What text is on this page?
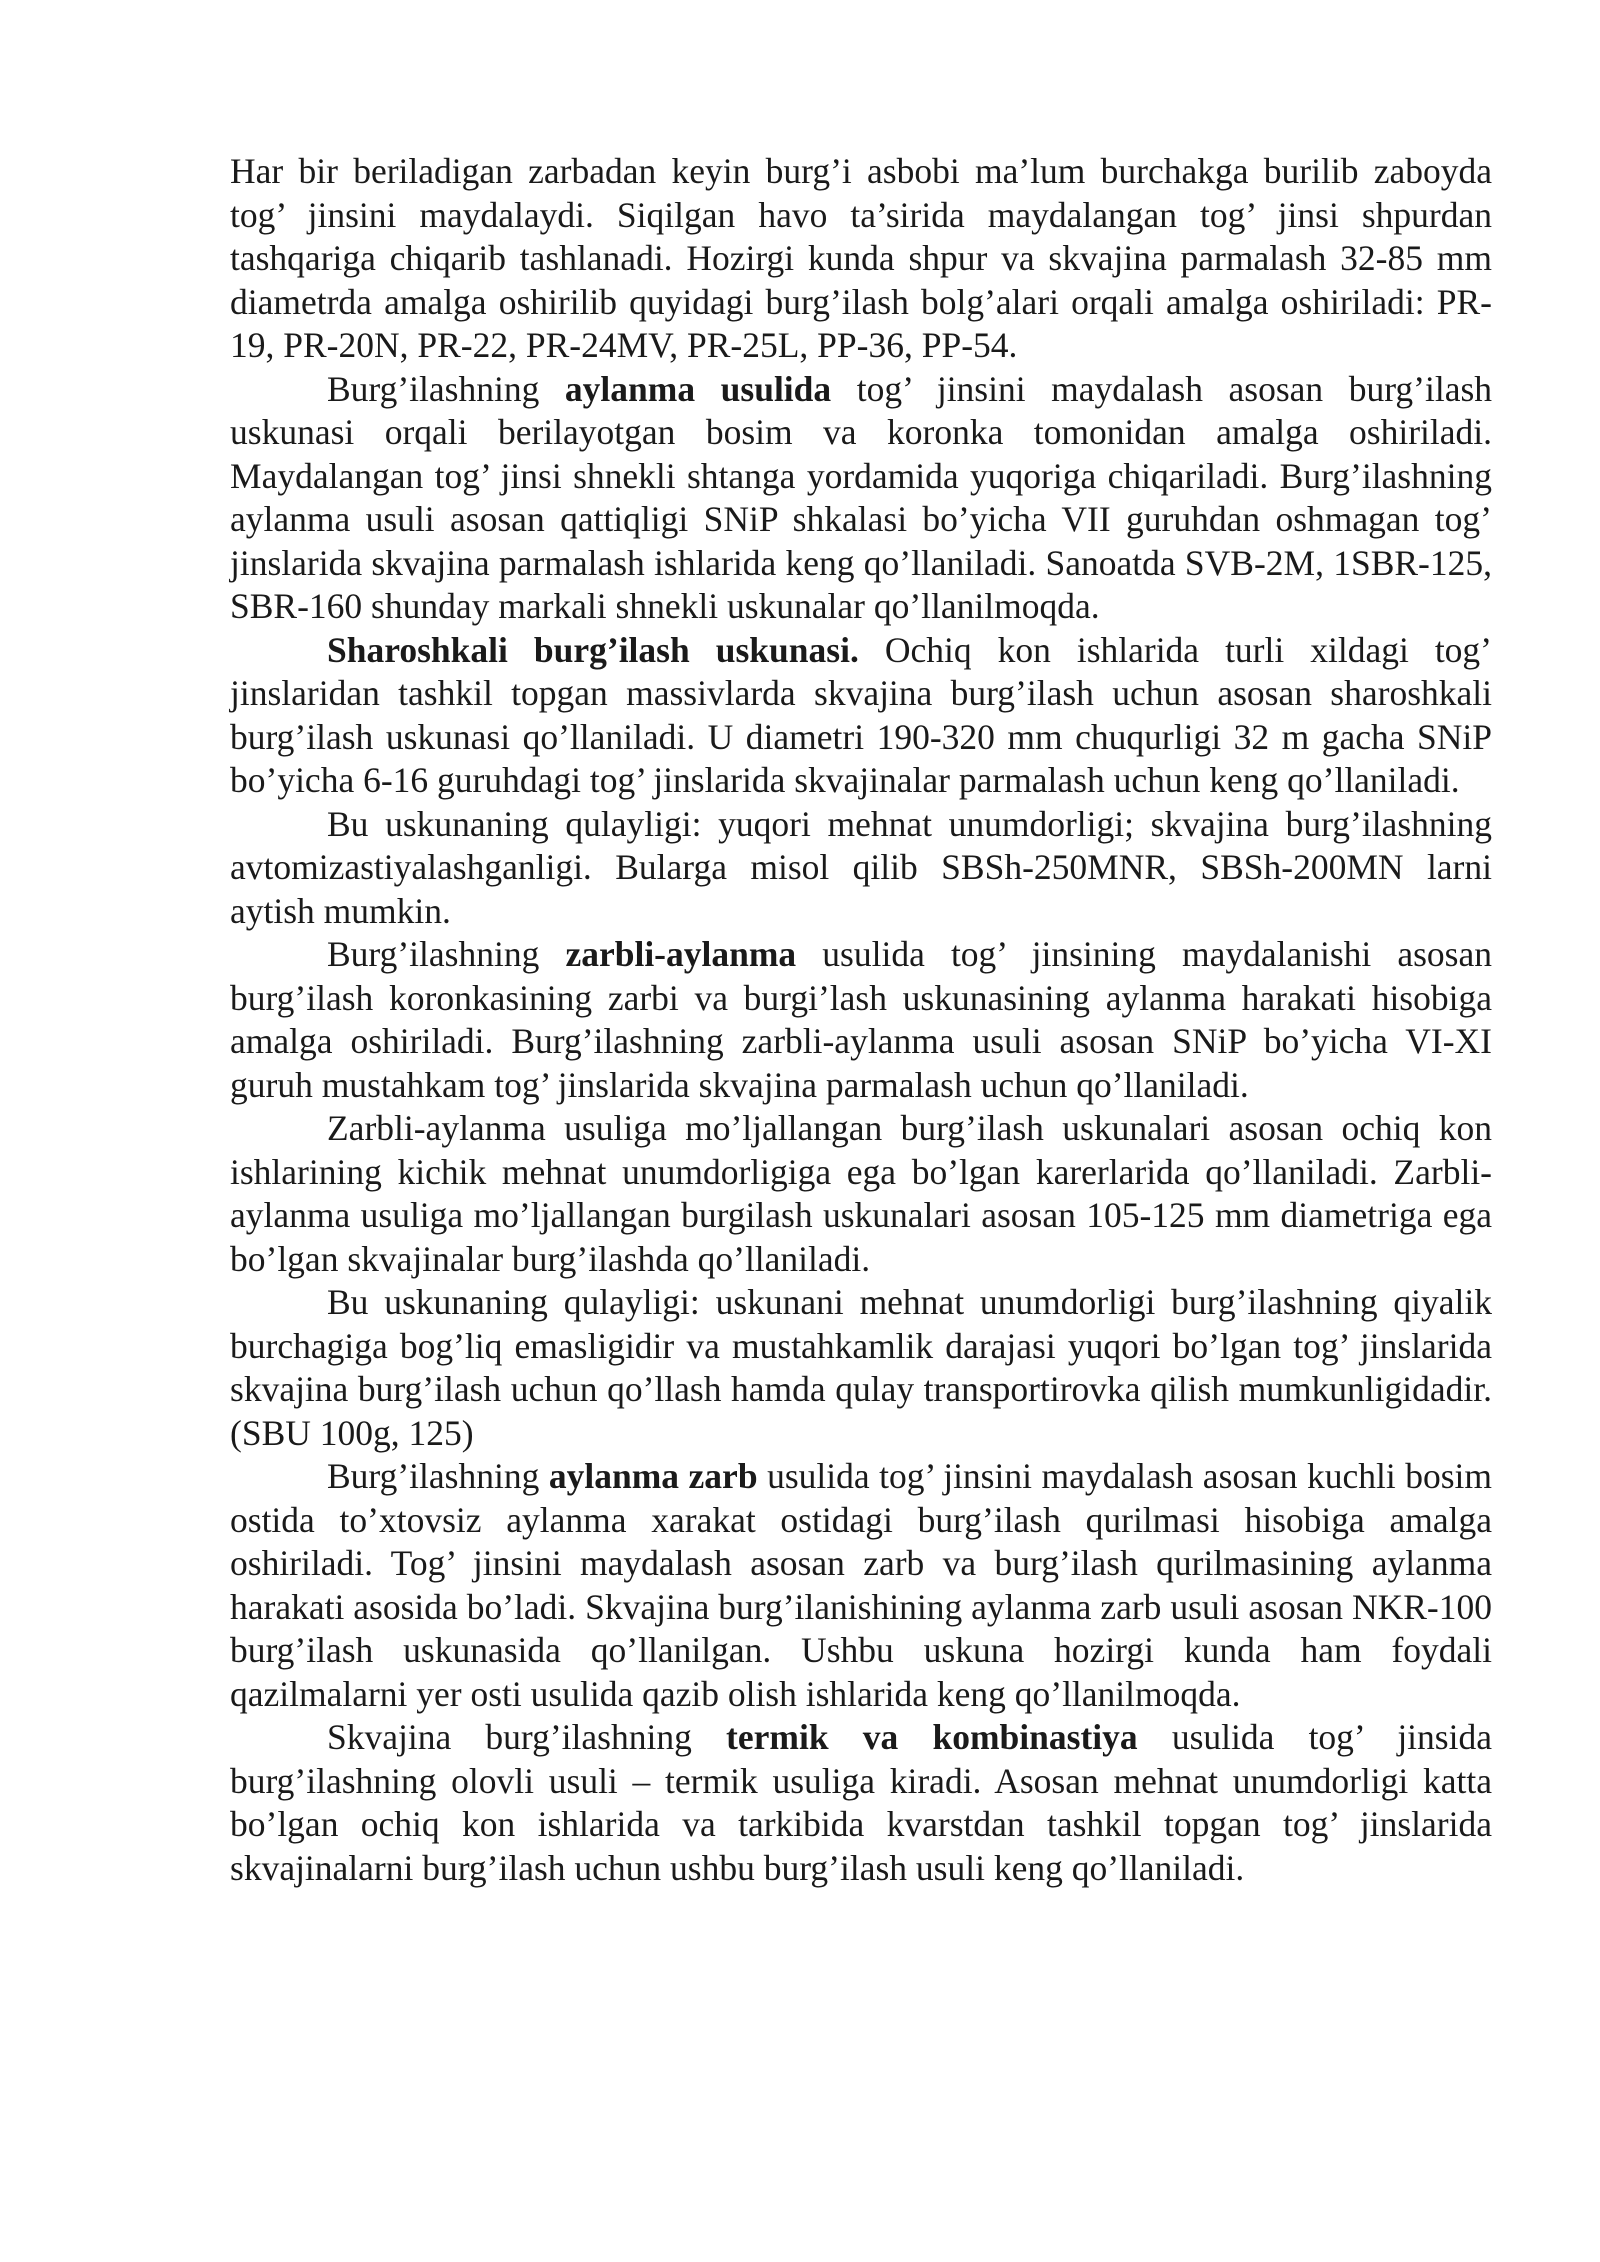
Har bir beriladigan zarbadan keyin burg’i asbobi ma’lum burchakga burilib zaboyda tog’ jinsini maydalaydi. Siqilgan havo ta’sirida maydalangan tog’ jinsi shpurdan tashqariga chiqarib tashlanadi. Hozirgi kunda shpur va skvajina parmalash 32-85 mm diametrda amalga oshirilib quyidagi burg’ilash bolg’alari orqali amalga oshiriladi: PR-19, PR-20N, PR-22, PR-24MV, PR-25L, PP-36, PP-54.

Burg’ilashning aylanma usulida tog’ jinsini maydalash asosan burg’ilash uskunasi orqali berilayotgan bosim va koronka tomonidan amalga oshiriladi. Maydalangan tog’ jinsi shnekli shtanga yordamida yuqoriga chiqariladi. Burg’ilashning aylanma usuli asosan qattiqligi SNiP shkalasi bo’yicha VII guruhdan oshmagan tog’ jinslarida skvajina parmalash ishlarida keng qo’llaniladi. Sanoatda SVB-2M, 1SBR-125, SBR-160 shunday markali shnekli uskunalar qo’llanilmoqda.

Sharoshkali burg’ilash uskunasi. Ochiq kon ishlarida turli xildagi tog’ jinslaridan tashkil topgan massivlarda skvajina burg’ilash uchun asosan sharoshkali burg’ilash uskunasi qo’llaniladi. U diametri 190-320 mm chuqurligi 32 m gacha SNiP bo’yicha 6-16 guruhdagi tog’ jinslarida skvajinalar parmalash uchun keng qo’llaniladi.

Bu uskunaning qulayligi: yuqori mehnat unumdorligi; skvajina burg’ilashning avtomizastiyalashganligi. Bularga misol qilib SBSh-250MNR, SBSh-200MN larni aytish mumkin.

Burg’ilashning zarbli-aylanma usulida tog’ jinsining maydalanishi asosan burg’ilash koronkasining zarbi va burgi’lash uskunasining aylanma harakati hisobiga amalga oshiriladi. Burg’ilashning zarbli-aylanma usuli asosan SNiP bo’yicha VI-XI guruh mustahkam tog’ jinslarida skvajina parmalash uchun qo’llaniladi.

Zarbli-aylanma usuliga mo’ljallangan burg’ilash uskunalari asosan ochiq kon ishlarining kichik mehnat unumdorligiga ega bo’lgan karerlarida qo’llaniladi. Zarbli-aylanma usuliga mo’ljallangan burgilash uskunalari asosan 105-125 mm diametriga ega bo’lgan skvajinalar burg’ilashda qo’llaniladi.

Bu uskunaning qulayligi: uskunani mehnat unumdorligi burg’ilashning qiyalik burchagiga bog’liq emasligidir va mustahkamlik darajasi yuqori bo’lgan tog’ jinslarida skvajina burg’ilash uchun qo’llash hamda qulay transportirovka qilish mumkunligidadir.(SBU 100g, 125)

Burg’ilashning aylanma zarb usulida tog’ jinsini maydalash asosan kuchli bosim ostida to’xtovsiz aylanma xarakat ostidagi burg’ilash qurilmasi hisobiga amalga oshiriladi. Tog’ jinsini maydalash asosan zarb va burg’ilash qurilmasining aylanma harakati asosida bo’ladi. Skvajina burg’ilanishining aylanma zarb usuli asosan NKR-100 burg’ilash uskunasida qo’llanilgan. Ushbu uskuna hozirgi kunda ham foydali qazilmalarni yer osti usulida qazib olish ishlarida keng qo’llanilmoqda.

Skvajina burg’ilashning termik va kombinastiya usulida tog’ jinsida burg’ilashning olovli usuli – termik usuliga kiradi. Asosan mehnat unumdorligi katta bo’lgan ochiq kon ishlarida va tarkibida kvarstdan tashkil topgan tog’ jinslarida skvajinalarni burg’ilash uchun ushbu burg’ilash usuli keng qo’llaniladi.
